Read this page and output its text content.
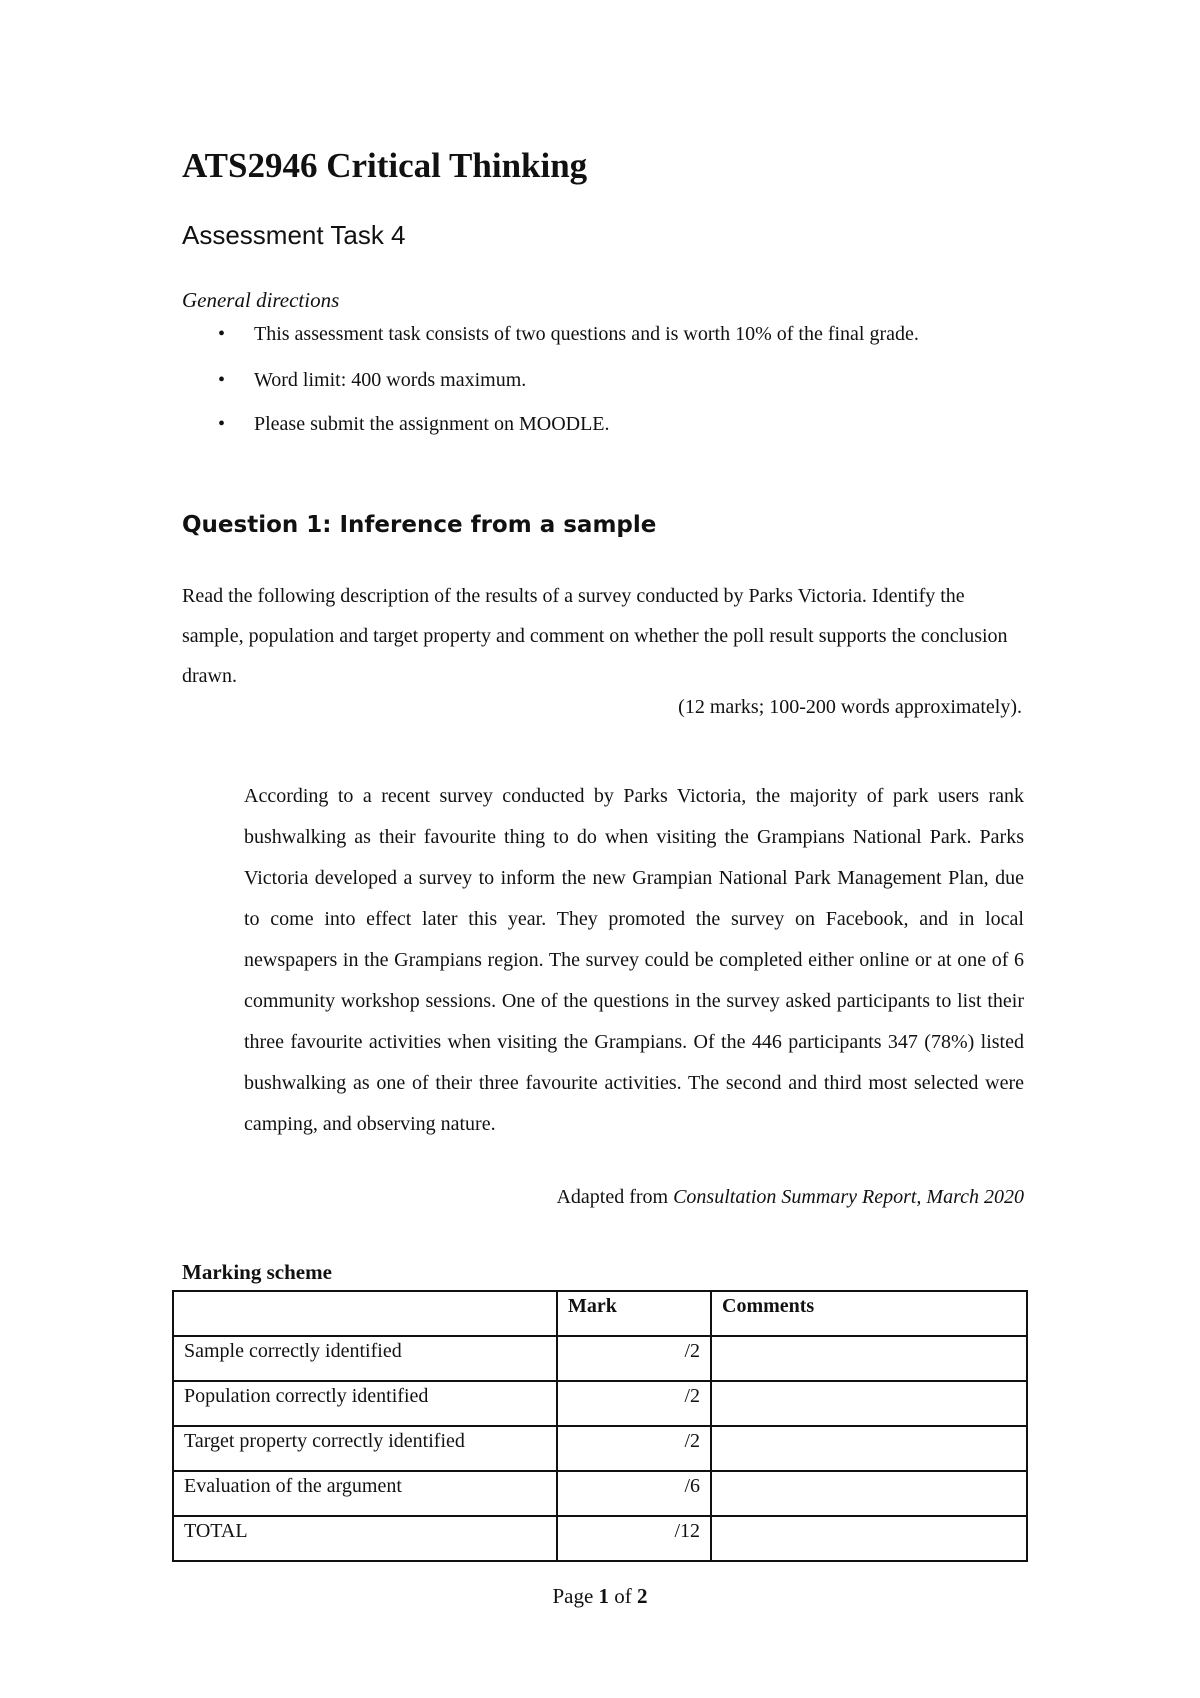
ATS2946 Critical Thinking
Assessment Task 4

General directions

• This assessment task consists of two questions and is worth 10% of the final grade.
• Word limit: 400 words maximum.
• Please submit the assignment on MOODLE.
Question 1: Inference from a sample

Read the following description of the results of a survey conducted by Parks Victoria. Identify the sample, population and target property and comment on whether the poll result supports the conclusion drawn.

(12 marks; 100-200 words approximately).

According to a recent survey conducted by Parks Victoria, the majority of park users rank bushwalking as their favourite thing to do when visiting the Grampians National Park. Parks Victoria developed a survey to inform the new Grampian National Park Management Plan, due to come into effect later this year. They promoted the survey on Facebook, and in local newspapers in the Grampians region. The survey could be completed either online or at one of 6 community workshop sessions. One of the questions in the survey asked participants to list their three favourite activities when visiting the Grampians. Of the 446 participants 347 (78%) listed bushwalking as one of their three favourite activities. The second and third most selected were camping, and observing nature.

Adapted from Consultation Summary Report, March 2020

Marking scheme

	Mark	Comments
Sample correctly identified	/2	
Population correctly identified	/2	
Target property correctly identified	/2	
Evaluation of the argument	/6	
TOTAL	/12	

Page 1 of 2
